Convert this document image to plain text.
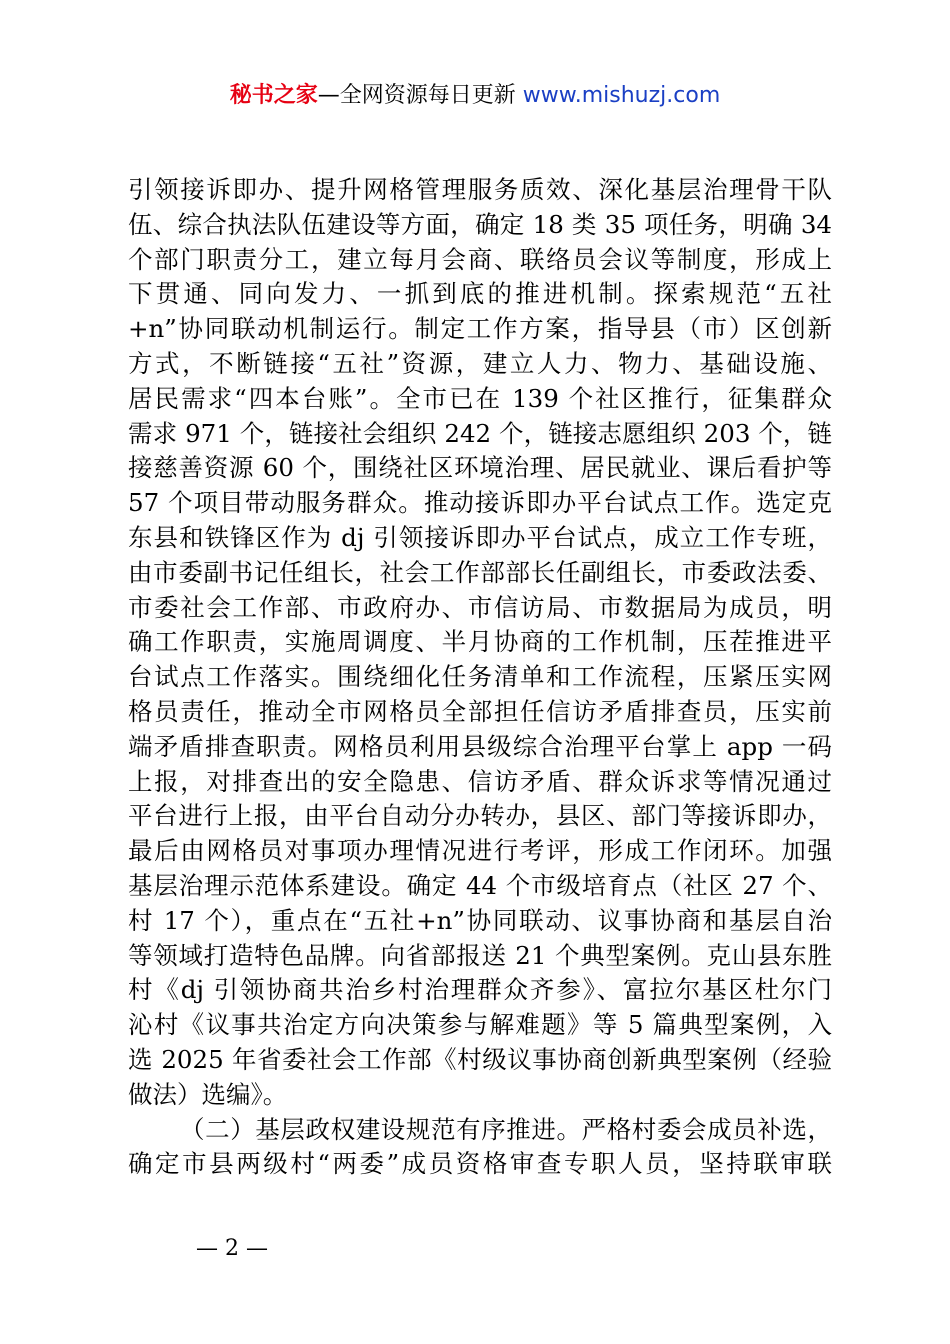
秘书之家—全网资源每日更新 www.mishuzj.com
引领接诉即办、提升网格管理服务质效、深化基层治理骨干队
伍、综合执法队伍建设等方面，确定 18 类 35 项任务，明确 34
个部门职责分工，建立每月会商、联络员会议等制度，形成上
下贯通、同向发力、一抓到底的推进机制。探索规范“五社
+n”协同联动机制运行。制定工作方案，指导县（市）区创新
方式，不断链接“五社”资源，建立人力、物力、基础设施、
居民需求“四本台账”。全市已在 139 个社区推行，征集群众
需求 971 个，链接社会组织 242 个，链接志愿组织 203 个，链
接慈善资源 60 个，围绕社区环境治理、居民就业、课后看护等
57 个项目带动服务群众。推动接诉即办平台试点工作。选定克
东县和铁锋区作为 dj 引领接诉即办平台试点，成立工作专班，
由市委副书记任组长，社会工作部部长任副组长，市委政法委、
市委社会工作部、市政府办、市信访局、市数据局为成员，明
确工作职责，实施周调度、半月协商的工作机制，压茬推进平
台试点工作落实。围绕细化任务清单和工作流程，压紧压实网
格员责任，推动全市网格员全部担任信访矛盾排查员，压实前
端矛盾排查职责。网格员利用县级综合治理平台掌上 app 一码
上报，对排查出的安全隐患、信访矛盾、群众诉求等情况通过
平台进行上报，由平台自动分办转办，县区、部门等接诉即办，
最后由网格员对事项办理情况进行考评，形成工作闭环。加强
基层治理示范体系建设。确定 44 个市级培育点（社区 27 个、
村 17 个），重点在“五社+n”协同联动、议事协商和基层自治
等领域打造特色品牌。向省部报送 21 个典型案例。克山县东胜
村《dj 引领协商共治乡村治理群众齐参》、富拉尔基区杜尔门
沁村《议事共治定方向决策参与解难题》等 5 篇典型案例，入
选 2025 年省委社会工作部《村级议事协商创新典型案例（经验
做法）选编》。
（二）基层政权建设规范有序推进。严格村委会成员补选，
确定市县两级村“两委”成员资格审查专职人员，坚持联审联
— 2 —
